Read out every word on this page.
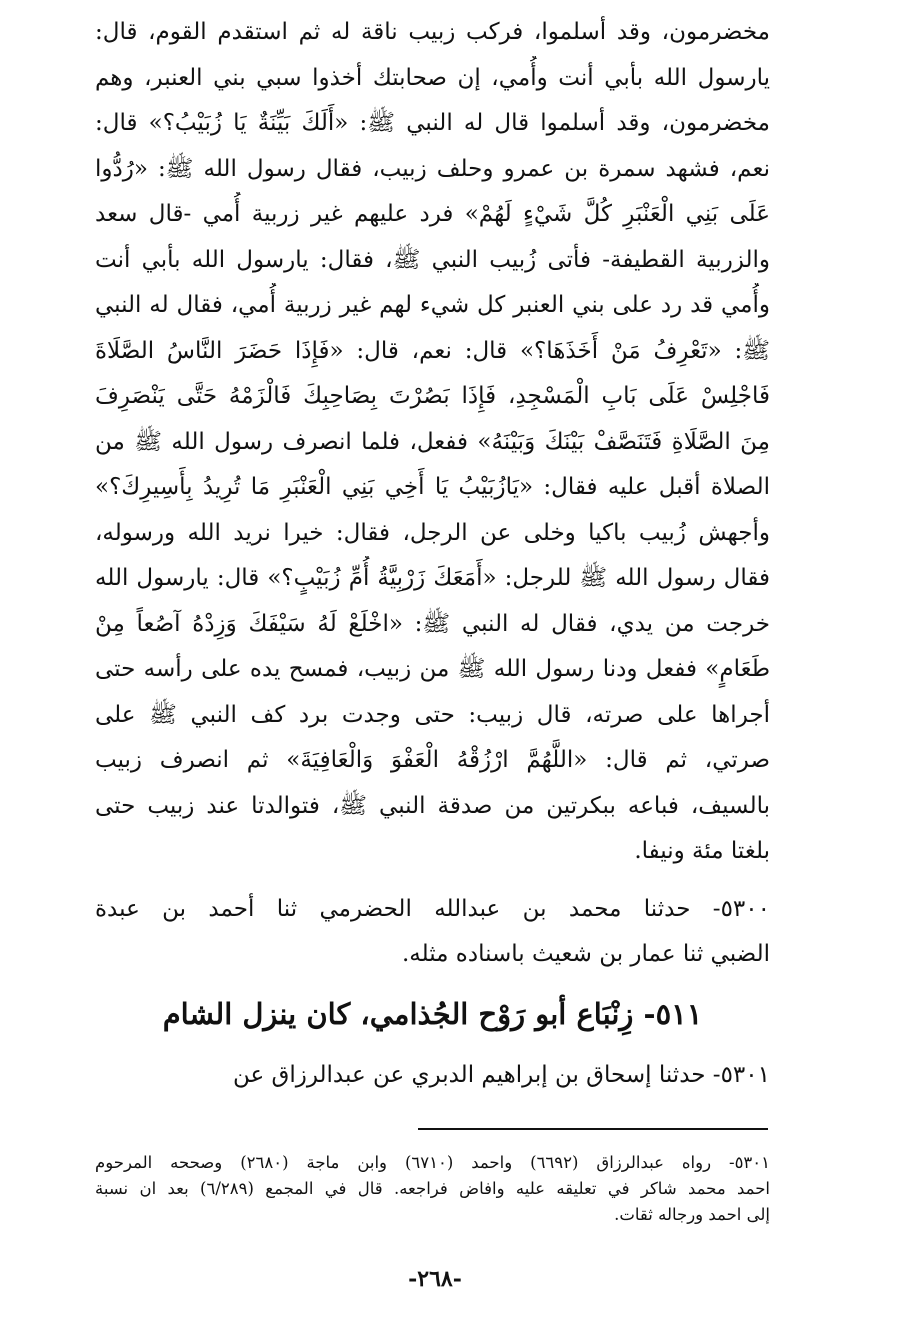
مخضرمون، وقد أسلموا، فركب زبيب ناقة له ثم استقدم القوم، قال:
يارسول الله بأبي أنت وأُمي، إن صحابتك أخذوا سبي بني العنبر، وهم
مخضرمون، وقد أسلموا قال له النبي ﷺ: «أَلَكَ بَيِّنَةٌ يَا زُبَيْبُ؟» قال:
نعم، فشهد سمرة بن عمرو وحلف زبيب، فقال رسول الله ﷺ: «رُدُّوا
عَلَى بَنِي الْعَنْبَرِ كُلَّ شَيْءٍ لَهُمْ» فرد عليهم غير زربية أُمي -قال سعد
والزربية القطيفة- فأتى زُبيب النبي ﷺ، فقال: يارسول الله بأبي أنت
وأُمي قد رد على بني العنبر كل شيء لهم غير زربية أُمي، فقال له النبي
ﷺ: «تَعْرِفُ مَنْ أَخَذَهَا؟» قال: نعم، قال: «فَإِذَا حَضَرَ النَّاسُ الصَّلَاةَ
فَاجْلِسْ عَلَى بَابِ الْمَسْجِدِ، فَإِذَا بَصُرْتَ بِصَاحِبِكَ فَالْزَمْهُ حَتَّى يَنْصَرِفَ
مِنَ الصَّلَاةِ فَتَنَصَّفْ بَيْنَكَ وَبَيْنَهُ» ففعل، فلما انصرف رسول الله ﷺ من
الصلاة أقبل عليه فقال: «يَازُبَيْبُ يَا أَخِي بَنِي الْعَنْبَرِ مَا تُرِيدُ بِأَسِيرِكَ؟»
وأجهش زُبيب باكيا وخلى عن الرجل، فقال: خيرا نريد الله ورسوله،
فقال رسول الله ﷺ للرجل: «أَمَعَكَ زَرْبِيَّةُ أُمِّ زُبَيْبٍ؟» قال: يارسول الله
خرجت من يدي، فقال له النبي ﷺ: «اخْلَعْ لَهُ سَيْفَكَ وَزِدْهُ آصُعاً مِنْ
طَعَامٍ» ففعل ودنا رسول الله ﷺ من زبيب، فمسح يده على رأسه حتى
أجراها على صرته، قال زبيب: حتى وجدت برد كف النبي ﷺ على
صرتي، ثم قال: «اللَّهُمَّ ارْزُقْهُ الْعَفْوَ وَالْعَافِيَةَ» ثم انصرف زبيب
بالسيف، فباعه ببكرتين من صدقة النبي ﷺ، فتوالدتا عند زبيب حتى
بلغتا مئة ونيفا.
٥٣٠٠- حدثنا محمد بن عبدالله الحضرمي ثنا أحمد بن عبدة
الضبي ثنا عمار بن شعيث باسناده مثله.
٥١١- زِنْبَاع أبو رَوْح الجُذامي، كان ينزل الشام
٥٣٠١- حدثنا إسحاق بن إبراهيم الدبري عن عبدالرزاق عن
٥٣٠١- رواه عبدالرزاق (٦٦٩٢) واحمد (٦٧١٠) وابن ماجة (٢٦٨٠) وصححه المرحوم
احمد محمد شاكر في تعليقه عليه وافاض فراجعه. قال في المجمع (٦/٢٨٩) بعد ان نسبة
إلى احمد ورجاله ثقات.
-٢٦٨-
